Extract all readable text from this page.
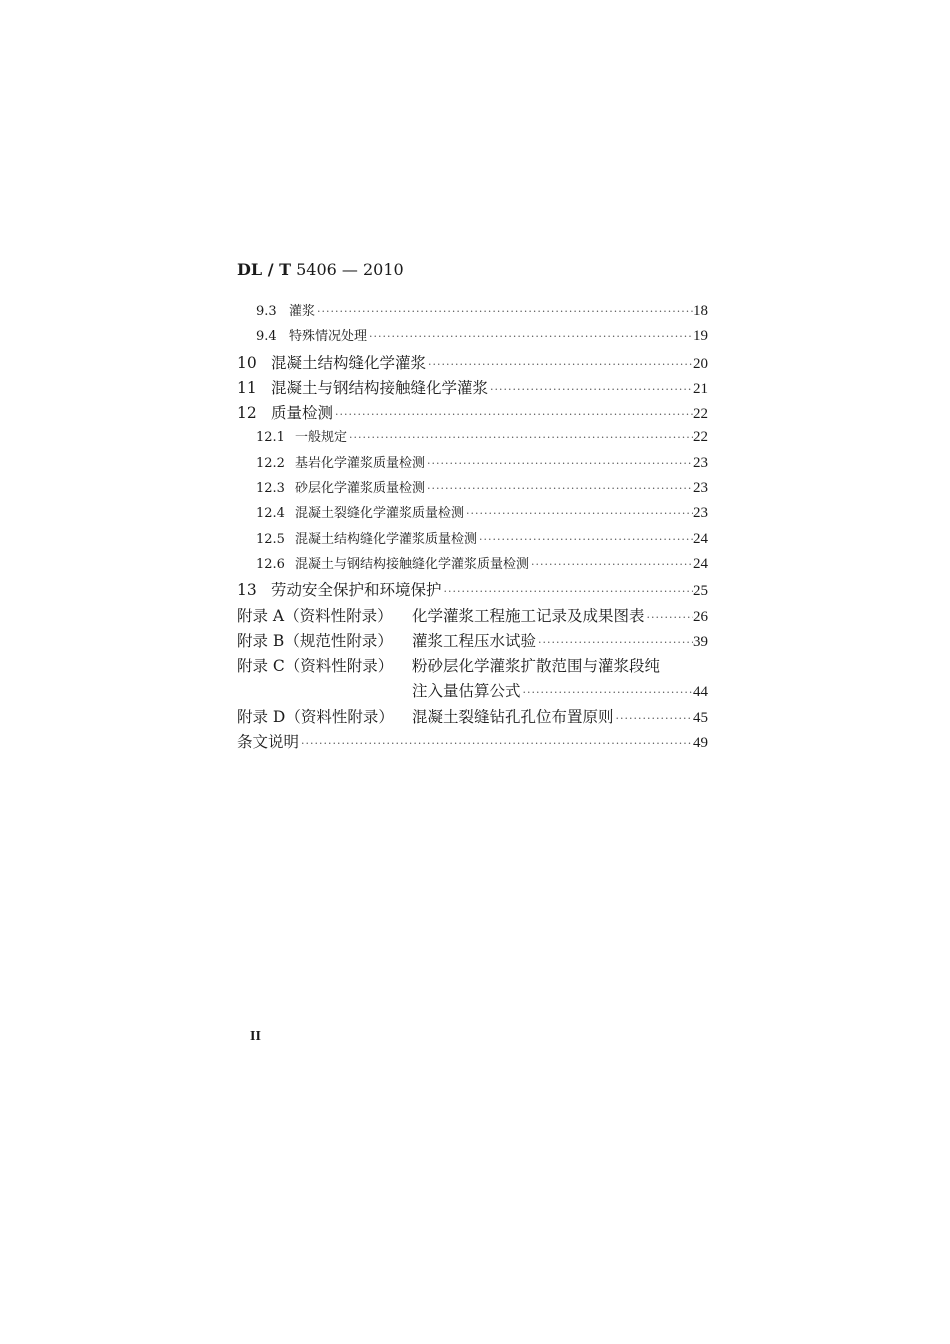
DL / T 5406 — 2010
9.3 灌浆 ·····	18
9.4 特殊情况处理 ·····	19
10 混凝土结构缝化学灌浆 ·····	20
11 混凝土与钢结构接触缝化学灌浆 ·····	21
12 质量检测 ·····	22
12.1 一般规定 ·····	22
12.2 基岩化学灌浆质量检测 ·····	23
12.3 砂层化学灌浆质量检测 ·····	23
12.4 混凝土裂缝化学灌浆质量检测 ·····	23
12.5 混凝土结构缝化学灌浆质量检测 ·····	24
12.6 混凝土与钢结构接触缝化学灌浆质量检测 ·····	24
13 劳动安全保护和环境保护 ·····	25
附录 A（资料性附录）	化学灌浆工程施工记录及成果图表 ·····	26
附录 B（规范性附录）	灌浆工程压水试验 ·····	39
附录 C（资料性附录）	粉砂层化学灌浆扩散范围与灌浆段纯
注入量估算公式 ·····	44
附录 D（资料性附录）	混凝土裂缝钻孔孔位布置原则 ·····	45
条文说明 ·····	49
II
